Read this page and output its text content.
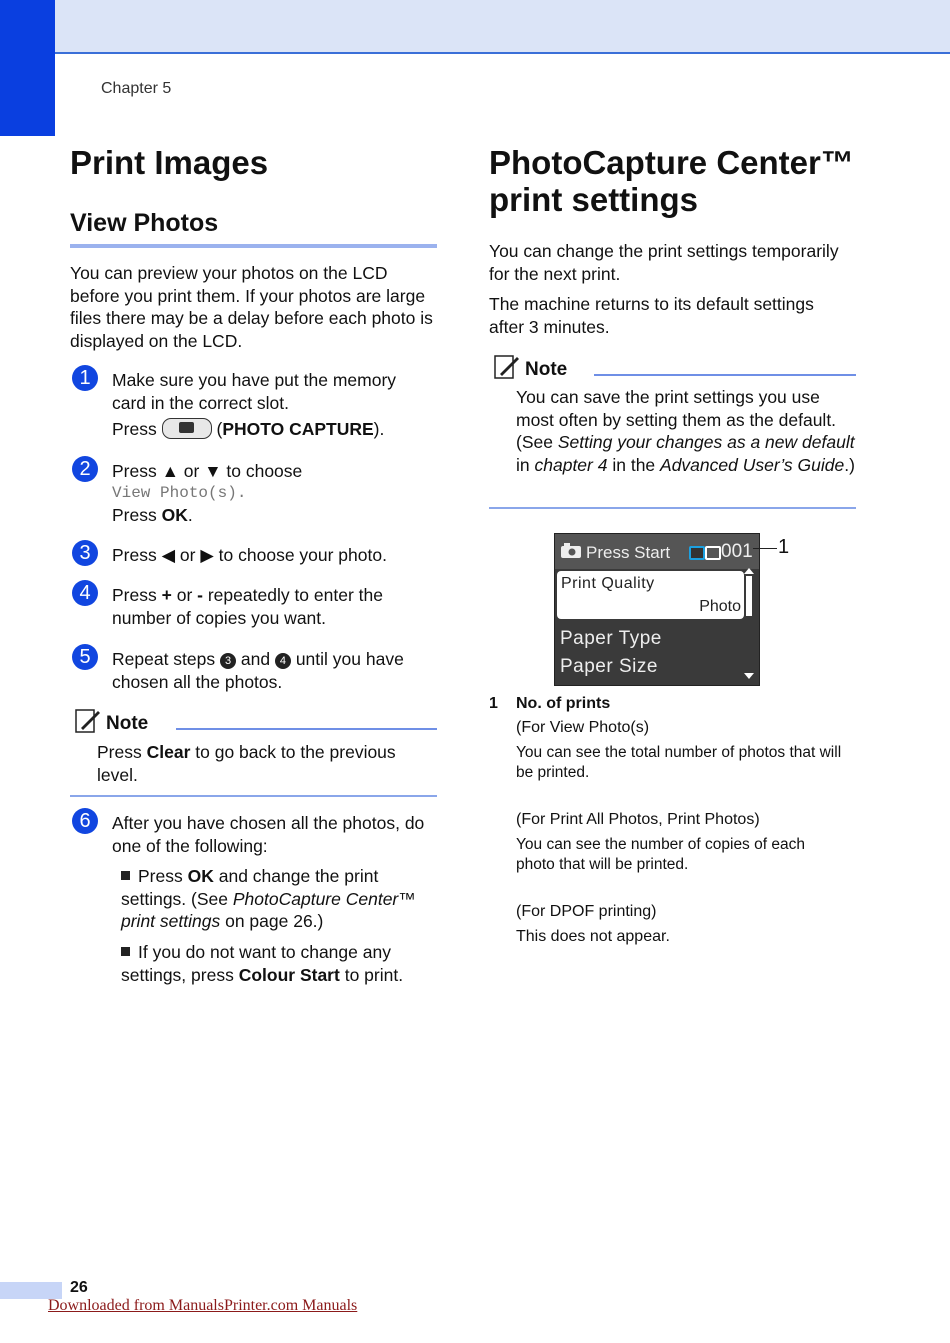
Chapter 5
Print Images
View Photos

You can preview your photos on the LCD before you print them. If your photos are large files there may be a delay before each photo is displayed on the LCD.

1	Make sure you have put the memory card in the correct slot.

Press	(PHOTO CAPTURE).

2	Press ▲ or ▼ to choose

View Photo(s).

Press OK.

3	Press ◀ or ▶ to choose your photo.

4	Press + or - repeatedly to enter the number of copies you want.

5	Repeat steps 3 and 4 until you have chosen all the photos.

Note

Press Clear to go back to the previous level.

6	After you have chosen all the photos, do one of the following:

Press OK and change the print settings. (See PhotoCapture Center™ print settings on page 26.)

If you do not want to change any settings, press Colour Start to print.

PhotoCapture Center™ print settings

You can change the print settings temporarily for the next print.

The machine returns to its default settings after 3 minutes.

Note

You can save the print settings you use most often by setting them as the default. (See Setting your changes as a new default in chapter 4 in the Advanced User’s Guide.)

Press Start	001
Print Quality
Photo
Paper Type
Paper Size
1
1 No. of prints

(For View Photo(s)

You can see the total number of photos that will be printed.

(For Print All Photos, Print Photos)

You can see the number of copies of each photo that will be printed.

(For DPOF printing)

This does not appear.

26
Downloaded from ManualsPrinter.com Manuals
